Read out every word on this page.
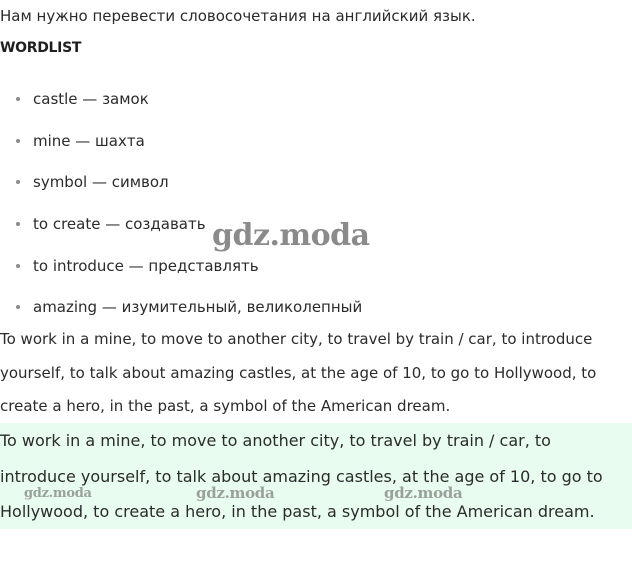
Нам нужно перевести словосочетания на английский язык.
WORDLIST
castle — замок
mine — шахта
symbol — символ
to create — создавать
to introduce — представлять
amazing — изумительный, великолепный

To work in a mine, to move to another city, to travel by train / car, to introduce yourself, to talk about amazing castles, at the age of 10, to go to Hollywood, to create a hero, in the past, a symbol of the American dream.

To work in a mine, to move to another city, to travel by train / car, to introduce yourself, to talk about amazing castles, at the age of 10, to go to Hollywood, to create a hero, in the past, a symbol of the American dream.

gdz.moda
gdz.moda	gdz.moda	gdz.moda
